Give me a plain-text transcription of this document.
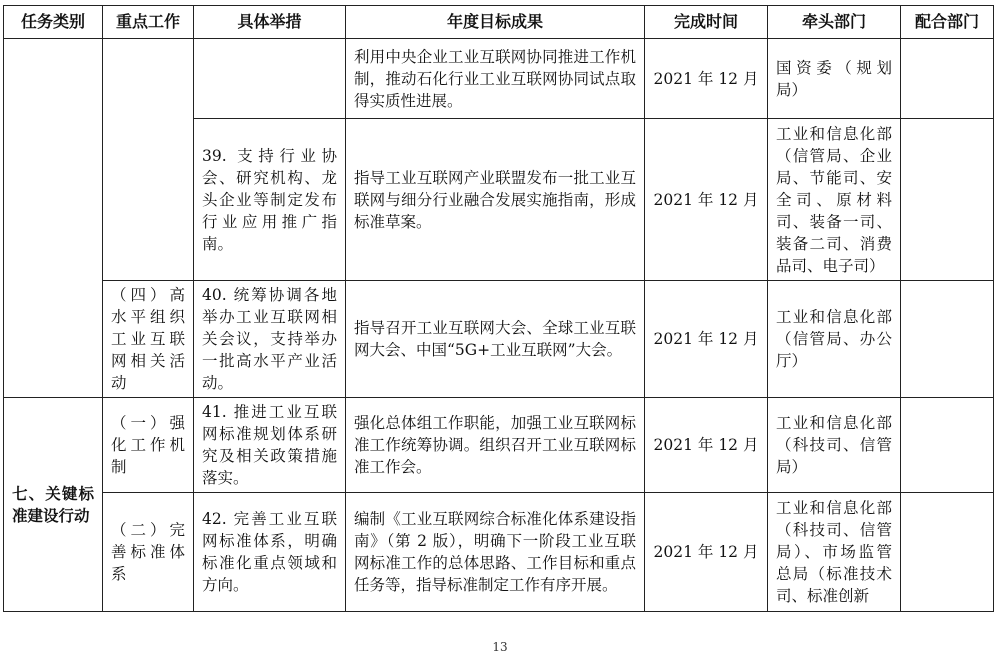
任务类别	重点工作	具体举措	年度目标成果	完成时间	牵头部门	配合部门
			利用中央企业工业互联网协同推进工作机制，推动石化行业工业互联网协同试点取得实质性进展。	2021 年 12 月	国资委（规划局）	
		39. 支持行业协会、研究机构、龙头企业等制定发布行业应用推广指南。	指导工业互联网产业联盟发布一批工业互联网与细分行业融合发展实施指南，形成标准草案。	2021 年 12 月	工业和信息化部（信管局、企业局、节能司、安全司、原材料司、装备一司、装备二司、消费品司、电子司）	
	（四）高水平组织工业互联网相关活动	40. 统筹协调各地举办工业互联网相关会议，支持举办一批高水平产业活动。	指导召开工业互联网大会、全球工业互联网大会、中国“5G+工业互联网”大会。	2021 年 12 月	工业和信息化部（信管局、办公厅）	
七、关键标准建设行动	（一）强化工作机制	41. 推进工业互联网标准规划体系研究及相关政策措施落实。	强化总体组工作职能，加强工业互联网标准工作统筹协调。组织召开工业互联网标准工作会。	2021 年 12 月	工业和信息化部（科技司、信管局）	
	（二）完善标准体系	42. 完善工业互联网标准体系，明确标准化重点领域和方向。	编制《工业互联网综合标准化体系建设指南》（第 2 版），明确下一阶段工业互联网标准工作的总体思路、工作目标和重点任务等，指导标准制定工作有序开展。	2021 年 12 月	工业和信息化部（科技司、信管局）、市场监管总局（标准技术司、标准创新	
13
